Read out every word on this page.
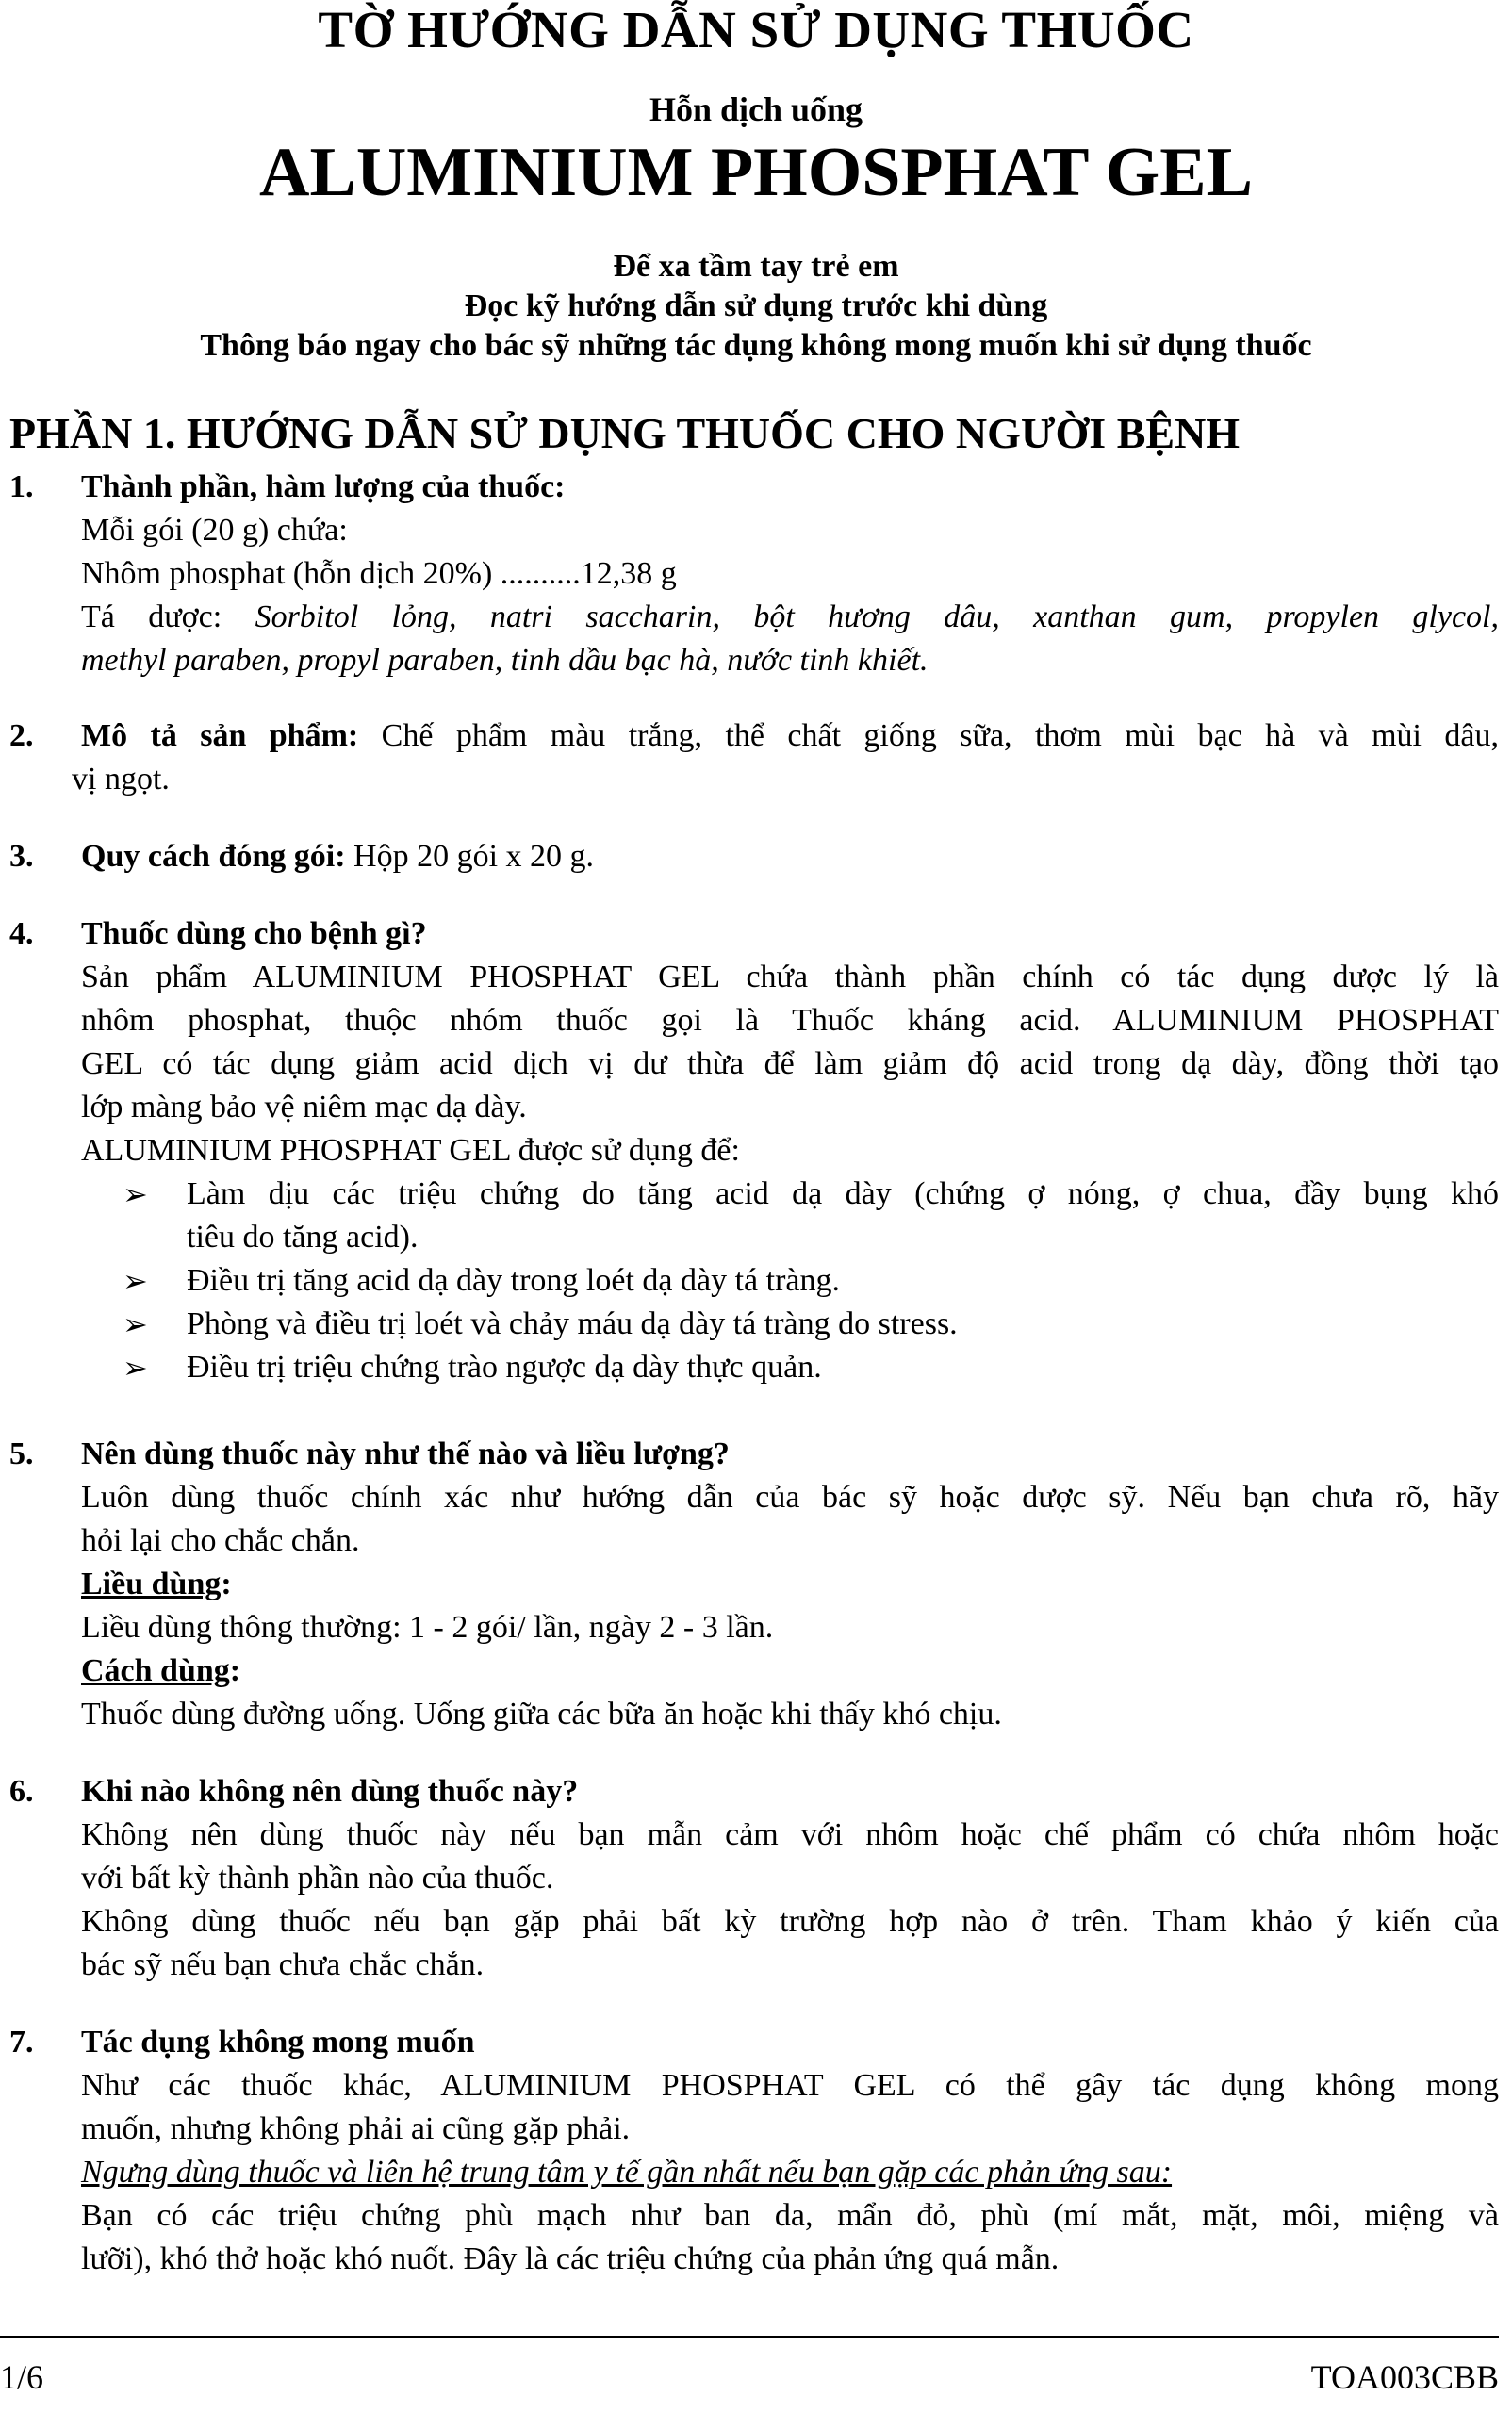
TỜ HƯỚNG DẪN SỬ DỤNG THUỐC
Hỗn dịch uống
ALUMINIUM PHOSPHAT GEL
Để xa tầm tay trẻ em
Đọc kỹ hướng dẫn sử dụng trước khi dùng
Thông báo ngay cho bác sỹ những tác dụng không mong muốn khi sử dụng thuốc
PHẦN 1. HƯỚNG DẪN SỬ DỤNG THUỐC CHO NGƯỜI BỆNH
1. Thành phần, hàm lượng của thuốc:
Mỗi gói (20 g) chứa:
Nhôm phosphat (hỗn dịch 20%) ..........12,38 g
Tá dược: Sorbitol lỏng, natri saccharin, bột hương dâu, xanthan gum, propylen glycol,
methyl paraben, propyl paraben, tinh dầu bạc hà, nước tinh khiết.
2. Mô tả sản phẩm: Chế phẩm màu trắng, thể chất giống sữa, thơm mùi bạc hà và mùi dâu,
vị ngọt.
3. Quy cách đóng gói: Hộp 20 gói x 20 g.
4. Thuốc dùng cho bệnh gì?
Sản phẩm ALUMINIUM PHOSPHAT GEL chứa thành phần chính có tác dụng dược lý là
nhôm phosphat, thuộc nhóm thuốc gọi là Thuốc kháng acid. ALUMINIUM PHOSPHAT
GEL có tác dụng giảm acid dịch vị dư thừa để làm giảm độ acid trong dạ dày, đồng thời tạo
lớp màng bảo vệ niêm mạc dạ dày.
ALUMINIUM PHOSPHAT GEL được sử dụng để:
➢ Làm dịu các triệu chứng do tăng acid dạ dày (chứng ợ nóng, ợ chua, đầy bụng khó
tiêu do tăng acid).
➢ Điều trị tăng acid dạ dày trong loét dạ dày tá tràng.
➢ Phòng và điều trị loét và chảy máu dạ dày tá tràng do stress.
➢ Điều trị triệu chứng trào ngược dạ dày thực quản.
5. Nên dùng thuốc này như thế nào và liều lượng?
Luôn dùng thuốc chính xác như hướng dẫn của bác sỹ hoặc dược sỹ. Nếu bạn chưa rõ, hãy
hỏi lại cho chắc chắn.
Liều dùng:
Liều dùng thông thường: 1 - 2 gói/ lần, ngày 2 - 3 lần.
Cách dùng:
Thuốc dùng đường uống. Uống giữa các bữa ăn hoặc khi thấy khó chịu.
6. Khi nào không nên dùng thuốc này?
Không nên dùng thuốc này nếu bạn mẫn cảm với nhôm hoặc chế phẩm có chứa nhôm hoặc
với bất kỳ thành phần nào của thuốc.
Không dùng thuốc nếu bạn gặp phải bất kỳ trường hợp nào ở trên. Tham khảo ý kiến của
bác sỹ nếu bạn chưa chắc chắn.
7. Tác dụng không mong muốn
Như các thuốc khác, ALUMINIUM PHOSPHAT GEL có thể gây tác dụng không mong
muốn, nhưng không phải ai cũng gặp phải.
Ngưng dùng thuốc và liên hệ trung tâm y tế gần nhất nếu bạn gặp các phản ứng sau:
Bạn có các triệu chứng phù mạch như ban da, mẩn đỏ, phù (mí mắt, mặt, môi, miệng và
lưỡi), khó thở hoặc khó nuốt. Đây là các triệu chứng của phản ứng quá mẫn.
1/6	TOA003CBB
